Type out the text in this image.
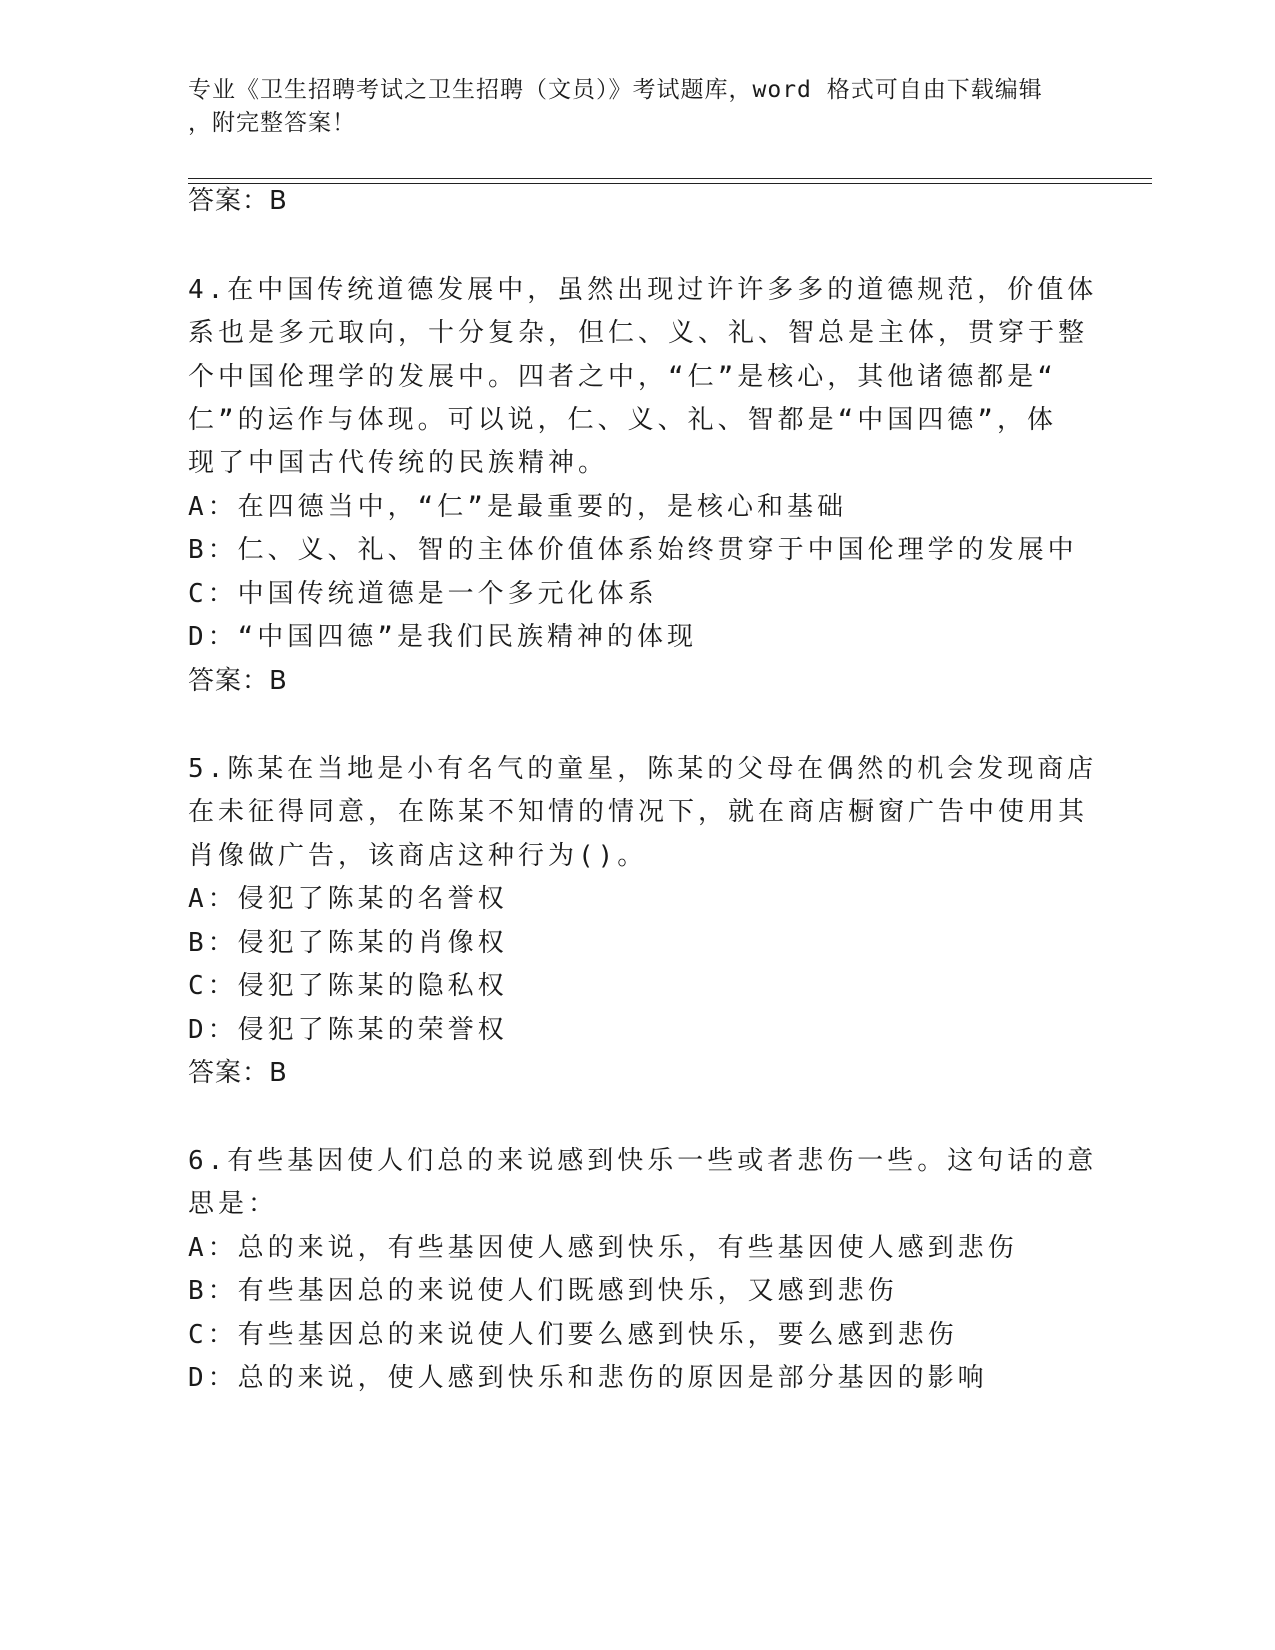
专业《卫生招聘考试之卫生招聘（文员）》考试题库，word 格式可自由下载编辑
，附完整答案！
答案：B
4.在中国传统道德发展中，虽然出现过许许多多的道德规范，价值体
系也是多元取向，十分复杂，但仁、义、礼、智总是主体，贯穿于整
个中国伦理学的发展中。四者之中，“仁”是核心，其他诸德都是“
仁”的运作与体现。可以说，仁、义、礼、智都是“中国四德”，体
现了中国古代传统的民族精神。
A：在四德当中，“仁”是最重要的，是核心和基础
B：仁、义、礼、智的主体价值体系始终贯穿于中国伦理学的发展中
C：中国传统道德是一个多元化体系
D：“中国四德”是我们民族精神的体现
答案：B
5.陈某在当地是小有名气的童星，陈某的父母在偶然的机会发现商店
在未征得同意，在陈某不知情的情况下，就在商店橱窗广告中使用其
肖像做广告，该商店这种行为()。
A：侵犯了陈某的名誉权
B：侵犯了陈某的肖像权
C：侵犯了陈某的隐私权
D：侵犯了陈某的荣誉权
答案：B
6.有些基因使人们总的来说感到快乐一些或者悲伤一些。这句话的意
思是：
A：总的来说，有些基因使人感到快乐，有些基因使人感到悲伤
B：有些基因总的来说使人们既感到快乐，又感到悲伤
C：有些基因总的来说使人们要么感到快乐，要么感到悲伤
D：总的来说，使人感到快乐和悲伤的原因是部分基因的影响
